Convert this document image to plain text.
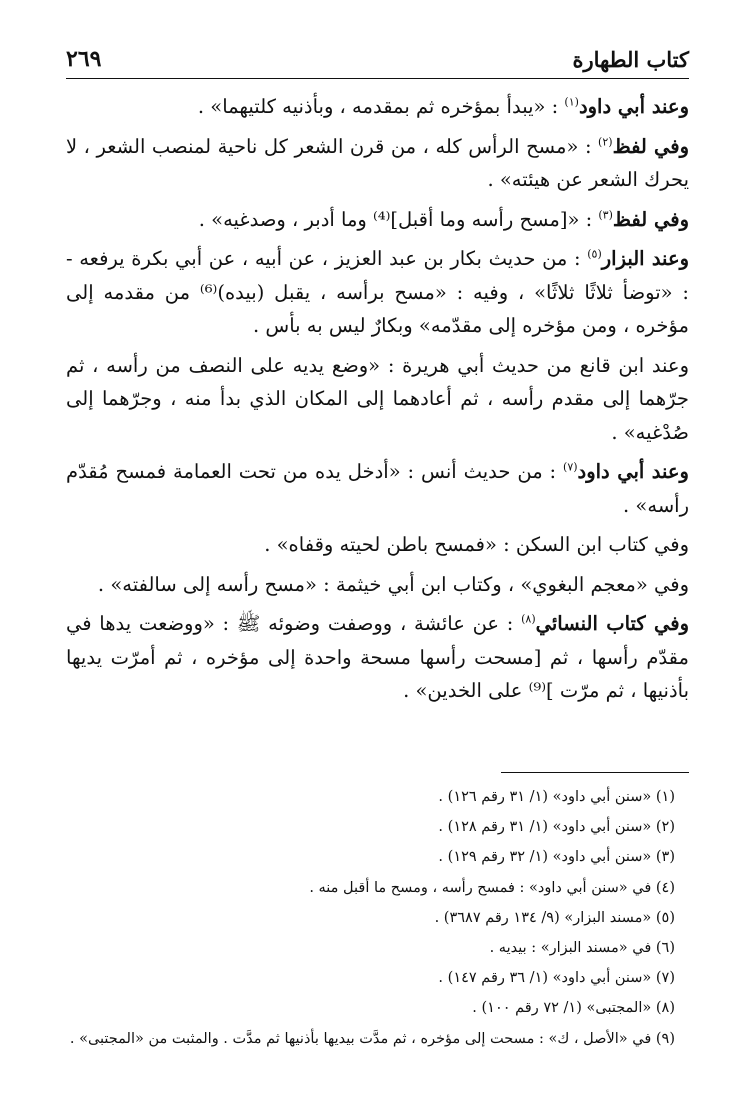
كتاب الطهارة
٢٦٩

وعند أبي داود$^{(١)}$ : «يبدأ بمؤخره ثم بمقدمه ، وبأذنيه كلتيهما» .

وفي لفظ$^{(٢)}$ : «مسح الرأس كله ، من قرن الشعر كل ناحية لمنصب الشعر ، لا يحرك الشعر عن هيئته» .

وفي لفظ$^{(٣)}$ : «[مسح رأسه وما أقبل]⁽⁴⁾ وما أدبر ، وصدغيه» .

وعند البزار$^{(٥)}$ : من حديث بكار بن عبد العزيز ، عن أبيه ، عن أبي بكرة يرفعه - : «توضأ ثلاثًا ثلاثًا» ، وفيه : «مسح برأسه ، يقبل (بيده)⁽⁶⁾ من مقدمه إلى مؤخره ، ومن مؤخره إلى مقدّمه» وبكارٌ ليس به بأس .

وعند ابن قانع من حديث أبي هريرة : «وضع يديه على النصف من رأسه ، ثم جرّهما إلى مقدم رأسه ، ثم أعادهما إلى المكان الذي بدأ منه ، وجرّهما إلى صُدْغيه» .

وعند أبي داود$^{(٧)}$ : من حديث أنس : «أدخل يده من تحت العمامة فمسح مُقدّم رأسه» .

وفي كتاب ابن السكن : «فمسح باطن لحيته وقفاه» .

وفي «معجم البغوي» ، وكتاب ابن أبي خيثمة : «مسح رأسه إلى سالفته» .

وفي كتاب النسائي$^{(٨)}$ : عن عائشة ، ووصفت وضوئه ﷺ : «ووضعت يدها في مقدّم رأسها ، ثم [مسحت رأسها مسحة واحدة إلى مؤخره ، ثم أمرّت يديها بأذنيها ، ثم مرّت ]⁽⁹⁾ على الخدين» .

(١) «سنن أبي داود» (١/ ٣١ رقم ١٢٦) .
(٢) «سنن أبي داود» (١/ ٣١ رقم ١٢٨) .
(٣) «سنن أبي داود» (١/ ٣٢ رقم ١٢٩) .
(٤) في «سنن أبي داود» : فمسح رأسه ، ومسح ما أقبل منه .
(٥) «مسند البزار» (٩/ ١٣٤ رقم ٣٦٨٧) .
(٦) في «مسند البزار» : بيديه .
(٧) «سنن أبي داود» (١/ ٣٦ رقم ١٤٧) .
(٨) «المجتبى» (١/ ٧٢ رقم ١٠٠) .
(٩) في «الأصل ، ك» : مسحت إلى مؤخره ، ثم مدَّت بيديها بأذنيها ثم مدَّت . والمثبت من «المجتبى» .
